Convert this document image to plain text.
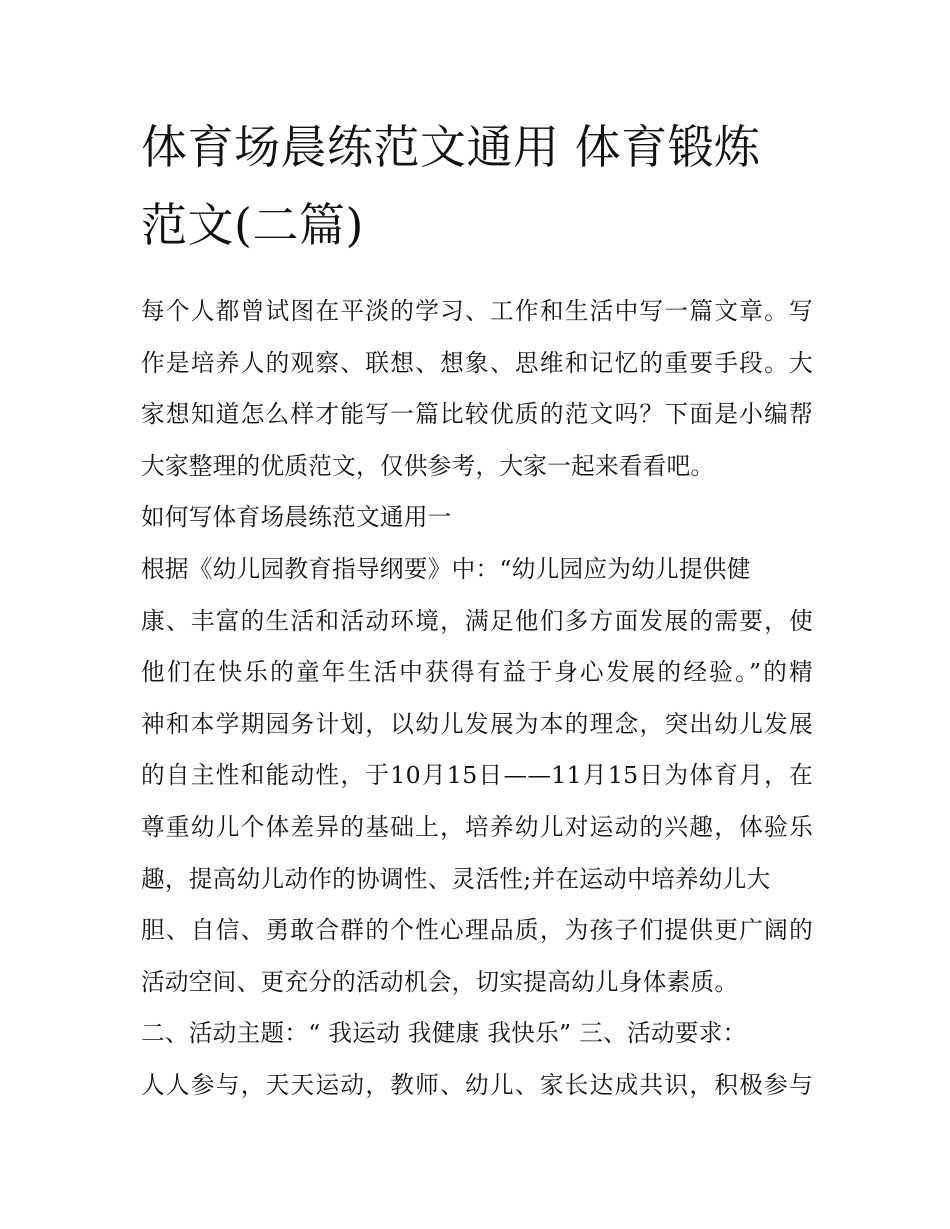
体育场晨练范文通用 体育锻炼
范文(二篇)
每个人都曾试图在平淡的学习、工作和生活中写一篇文章。写
作是培养人的观察、联想、想象、思维和记忆的重要手段。大
家想知道怎么样才能写一篇比较优质的范文吗？下面是小编帮
大家整理的优质范文，仅供参考，大家一起来看看吧。
如何写体育场晨练范文通用一
根据《幼儿园教育指导纲要》中：“幼儿园应为幼儿提供健
康、丰富的生活和活动环境，满足他们多方面发展的需要，使
他们在快乐的童年生活中获得有益于身心发展的经验。”的精
神和本学期园务计划，以幼儿发展为本的理念，突出幼儿发展
的自主性和能动性，于10月15日——11月15日为体育月，在
尊重幼儿个体差异的基础上，培养幼儿对运动的兴趣，体验乐
趣，提高幼儿动作的协调性、灵活性;并在运动中培养幼儿大
胆、自信、勇敢合群的个性心理品质，为孩子们提供更广阔的
活动空间、更充分的活动机会，切实提高幼儿身体素质。
二、活动主题：“ 我运动 我健康 我快乐” 三、活动要求：
人人参与，天天运动，教师、幼儿、家长达成共识，积极参与
